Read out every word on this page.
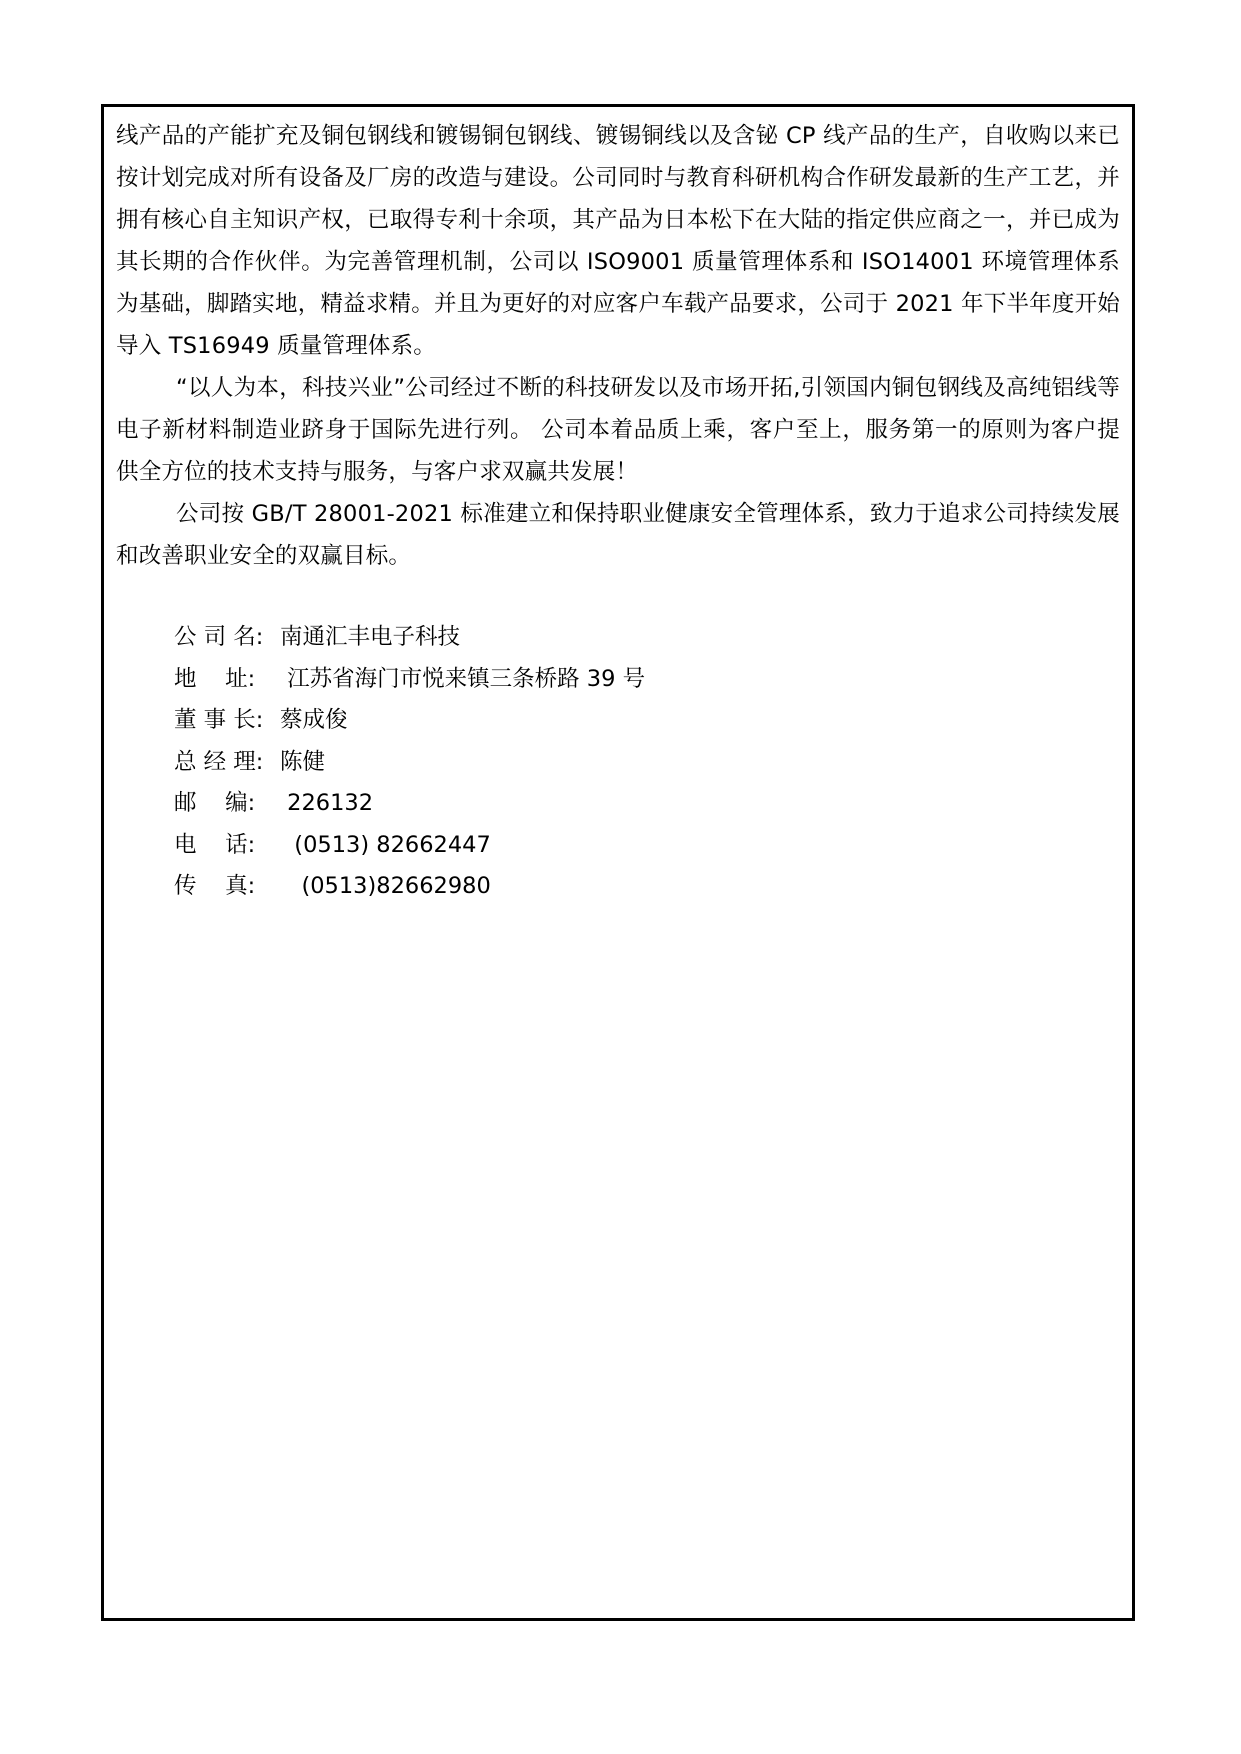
线产品的产能扩充及铜包钢线和镀锡铜包钢线、镀锡铜线以及含铋 CP 线产品的生产，自收购以来已按计划完成对所有设备及厂房的改造与建设。公司同时与教育科研机构合作研发最新的生产工艺，并拥有核心自主知识产权，已取得专利十余项，其产品为日本松下在大陆的指定供应商之一，并已成为其长期的合作伙伴。为完善管理机制，公司以 ISO9001 质量管理体系和 ISO14001 环境管理体系为基础，脚踏实地，精益求精。并且为更好的对应客户车载产品要求，公司于 2021 年下半年度开始导入 TS16949 质量管理体系。

“以人为本，科技兴业”公司经过不断的科技研发以及市场开拓,引领国内铜包钢线及高纯铝线等电子新材料制造业跻身于国际先进行列。 公司本着品质上乘，客户至上，服务第一的原则为客户提供全方位的技术支持与服务，与客户求双赢共发展！

公司按 GB/T 28001-2021 标准建立和保持职业健康安全管理体系，致力于追求公司持续发展和改善职业安全的双赢目标。

公 司 名: 南通汇丰电子科技
地    址:	江苏省海门市悦来镇三条桥路 39 号
董 事 长: 蔡成俊
总 经 理: 陈健
邮    编:	226132
电    话:	(0513) 82662447
传    真:	(0513)82662980
